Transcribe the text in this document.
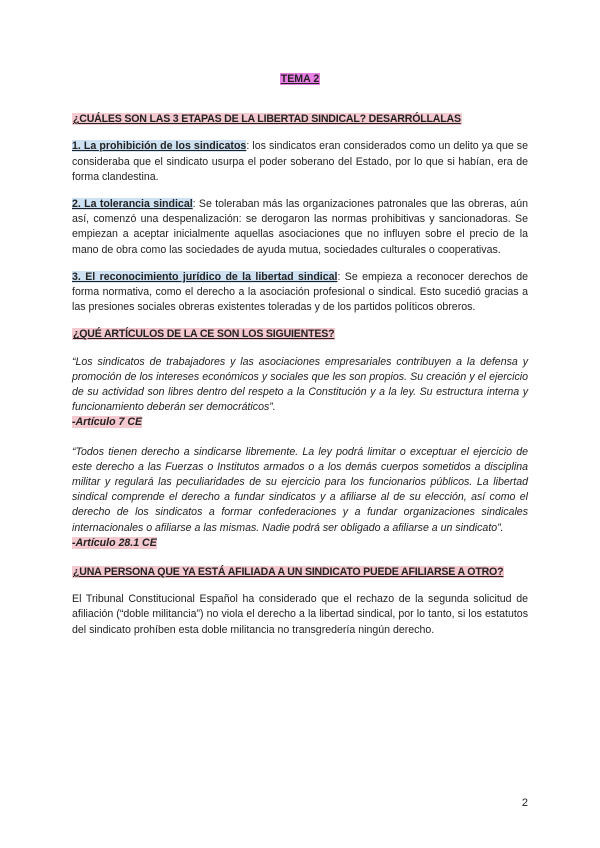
TEMA 2
¿CUÁLES SON LAS 3 ETAPAS DE LA LIBERTAD SINDICAL? DESARRÓLLALAS

1. La prohibición de los sindicatos: los sindicatos eran considerados como un delito ya que se consideraba que el sindicato usurpa el poder soberano del Estado, por lo que si habían, era de forma clandestina.

2. La tolerancia sindical: Se toleraban más las organizaciones patronales que las obreras, aún así, comenzó una despenalización: se derogaron las normas prohibitivas y sancionadoras. Se empiezan a aceptar inicialmente aquellas asociaciones que no influyen sobre el precio de la mano de obra como las sociedades de ayuda mutua, sociedades culturales o cooperativas.

3. El reconocimiento jurídico de la libertad sindical: Se empieza a reconocer derechos de forma normativa, como el derecho a la asociación profesional o sindical. Esto sucedió gracias a las presiones sociales obreras existentes toleradas y de los partidos políticos obreros.

¿QUÉ ARTÍCULOS DE LA CE SON LOS SIGUIENTES?

“Los sindicatos de trabajadores y las asociaciones empresariales contribuyen a la defensa y promoción de los intereses económicos y sociales que les son propios. Su creación y el ejercicio de su actividad son libres dentro del respeto a la Constitución y a la ley. Su estructura interna y funcionamiento deberán ser democráticos”.

-Artículo 7 CE

“Todos tienen derecho a sindicarse libremente. La ley podrá limitar o exceptuar el ejercicio de este derecho a las Fuerzas o Institutos armados o a los demás cuerpos sometidos a disciplina militar y regulará las peculiaridades de su ejercicio para los funcionarios públicos. La libertad sindical comprende el derecho a fundar sindicatos y a afiliarse al de su elección, así como el derecho de los sindicatos a formar confederaciones y a fundar organizaciones sindicales internacionales o afiliarse a las mismas. Nadie podrá ser obligado a afiliarse a un sindicato”.

-Artículo 28.1 CE

¿UNA PERSONA QUE YA ESTÁ AFILIADA A UN SINDICATO PUEDE AFILIARSE A OTRO?

El Tribunal Constitucional Español ha considerado que el rechazo de la segunda solicitud de afiliación (“doble militancia”) no viola el derecho a la libertad sindical, por lo tanto, si los estatutos del sindicato prohíben esta doble militancia no transgredería ningún derecho.

2
